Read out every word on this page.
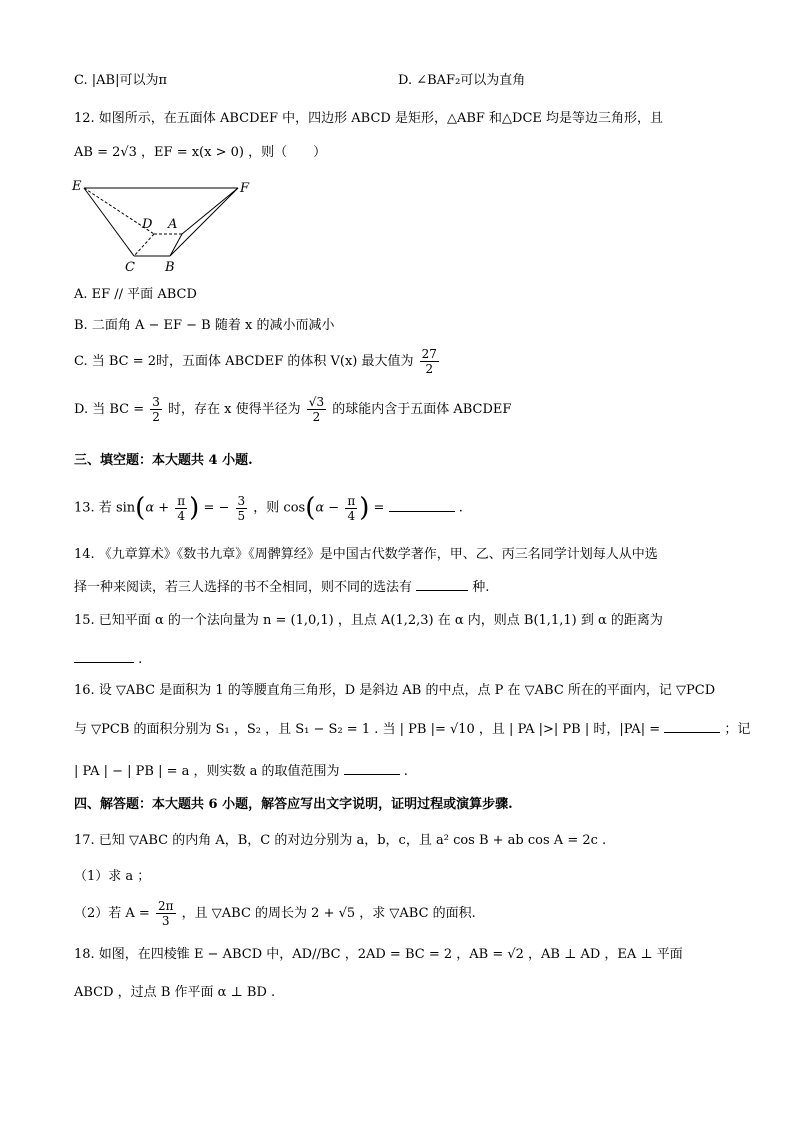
C. |AB|可以为π	D. ∠BAF₂可以为直角
12. 如图所示，在五面体 ABCDEF 中，四边形 ABCD 是矩形，△ABF 和△DCE 均是等边三角形，且
AB = 2√3 ，EF = x(x > 0) ，则（　　）
E	F
D A
C B
A. EF // 平面 ABCD
B. 二面角 A − EF − B 随着 x 的减小而减小
C. 当 BC = 2时，五面体 ABCDEF 的体积 V(x) 最大值为 $\frac{27}{2}$
D. 当 BC = $\frac{3}{2}$ 时，存在 x 使得半径为 $\frac{√3}{2}$ 的球能内含于五面体 ABCDEF
三、填空题：本大题共 4 小题.
13. 若 $\sin(\alpha + \frac{\pi}{4}$ ) = − $\frac{3}{5}$ ，则 $\cos(\alpha - \frac{\pi}{4}$ ) =	.
14. 《九章算术》《数书九章》《周髀算经》是中国古代数学著作，甲、乙、丙三名同学计划每人从中选
择一种来阅读，若三人选择的书不全相同，则不同的选法有	种.
15. 已知平面 α 的一个法向量为 n = (1,0,1) ，且点 A(1,2,3) 在 α 内，则点 B(1,1,1) 到 α 的距离为
.
16. 设 ▽ABC 是面积为 1 的等腰直角三角形，D 是斜边 AB 的中点，点 P 在 ▽ABC 所在的平面内，记 ▽PCD
与 ▽PCB 的面积分别为 S₁ ，S₂ ，且 S₁ − S₂ = 1 . 当 | PB |= √10 ，且 | PA |>| PB | 时，|PA| =	；记
| PA | − | PB | = a ，则实数 a 的取值范围为	.
四、解答题：本大题共 6 小题，解答应写出文字说明，证明过程或演算步骤.
17. 已知 ▽ABC 的内角 A，B，C 的对边分别为 a，b，c，且 a² cos B + ab cos A = 2c .
（1）求 a ；
（2）若 $A = \frac{2\pi}{3}$ ，且 ▽ABC 的周长为 2 + √5 ，求 ▽ABC 的面积.
18. 如图，在四棱锥 E − ABCD 中，AD//BC ，2AD = BC = 2 ，AB = √2 ，AB ⊥ AD ，EA ⊥ 平面
ABCD ，过点 B 作平面 α ⊥ BD .
